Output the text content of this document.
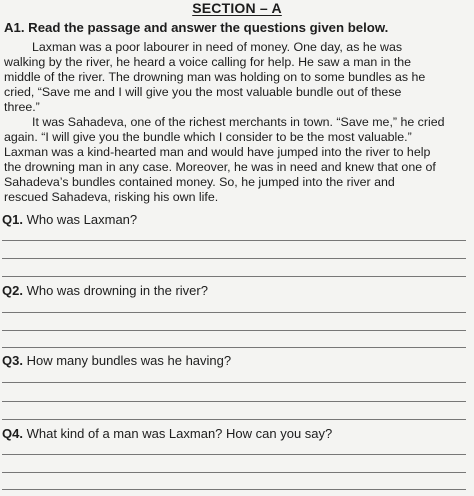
SECTION – A
A1. Read the passage and answer the questions given below.
Laxman was a poor labourer in need of money. One day, as he was
walking by the river, he heard a voice calling for help. He saw a man in the
middle of the river. The drowning man was holding on to some bundles as he
cried, “Save me and I will give you the most valuable bundle out of these
three.”
It was Sahadeva, one of the richest merchants in town. “Save me,” he cried
again. “I will give you the bundle which I consider to be the most valuable.”
Laxman was a kind-hearted man and would have jumped into the river to help
the drowning man in any case. Moreover, he was in need and knew that one of
Sahadeva’s bundles contained money. So, he jumped into the river and
rescued Sahadeva, risking his own life.
Q1. Who was Laxman?
Q2. Who was drowning in the river?
Q3. How many bundles was he having?
Q4. What kind of a man was Laxman? How can you say?
